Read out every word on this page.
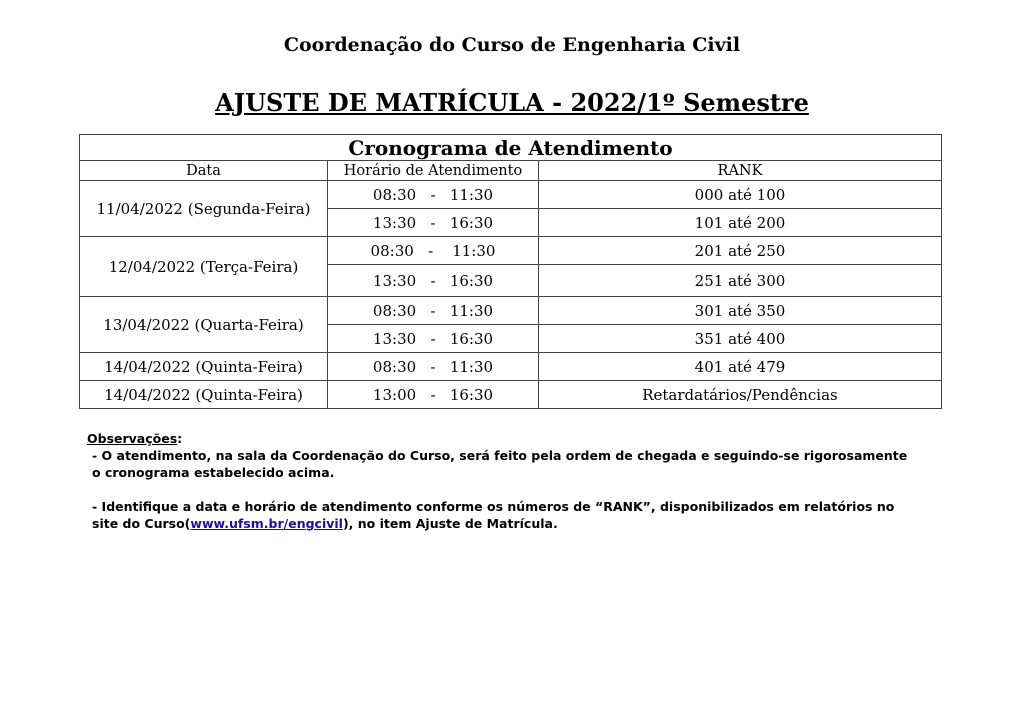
Coordenação do Curso de Engenharia Civil
AJUSTE DE MATRÍCULA - 2022/1º Semestre
Cronograma de Atendimento		
Data	Horário de Atendimento	RANK
11/04/2022 (Segunda-Feira)	08:30   -   11:30	000 até 100
	13:30   -   16:30	101 até 200
12/04/2022 (Terça-Feira)	08:30   -    11:30	201 até 250
	13:30   -   16:30	251 até 300
13/04/2022 (Quarta-Feira)	08:30   -   11:30	301 até 350
	13:30   -   16:30	351 até 400
14/04/2022 (Quinta-Feira)	08:30   -   11:30	401 até 479
14/04/2022 (Quinta-Feira)	13:00   -   16:30	Retardatários/Pendências
Observações:

- O atendimento, na sala da Coordenação do Curso, será feito pela ordem de chegada e seguindo-se rigorosamente o cronograma estabelecido acima.

- Identifique a data e horário de atendimento conforme os números de “RANK”, disponibilizados em relatórios no site do Curso(www.ufsm.br/engcivil), no item Ajuste de Matrícula.
